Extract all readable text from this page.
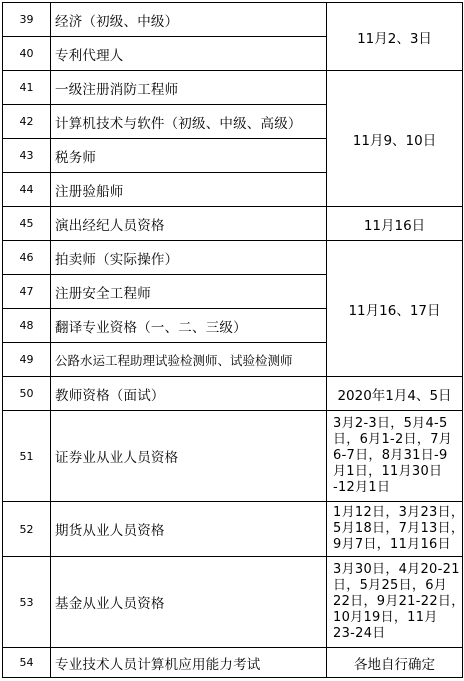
39	经济（初级、中级）	11月2、3日
40	专利代理人	
41	一级注册消防工程师	11月9、10日
42	计算机技术与软件（初级、中级、高级）	
43	税务师	
44	注册验船师	
45	演出经纪人员资格	11月16日
46	拍卖师（实际操作）	11月16、17日
47	注册安全工程师	
48	翻译专业资格（一、二、三级）	
49	公路水运工程助理试验检测师、试验检测师	
50	教师资格（面试）	2020年1月4、5日
51	证券业从业人员资格	3月2-3日，5月4-5
日，6月1-2日，7月
6-7日，8月31日-9
月1日，11月30日
-12月1日

52	期货从业人员资格	1月12日，3月23日，
5月18日，7月13日，
9月7日，11月16日

53	基金从业人员资格	3月30日，4月20-21
日，5月25日，6月
22日，9月21-22日，
10月19日，11月
23-24日

54	专业技术人员计算机应用能力考试	各地自行确定
